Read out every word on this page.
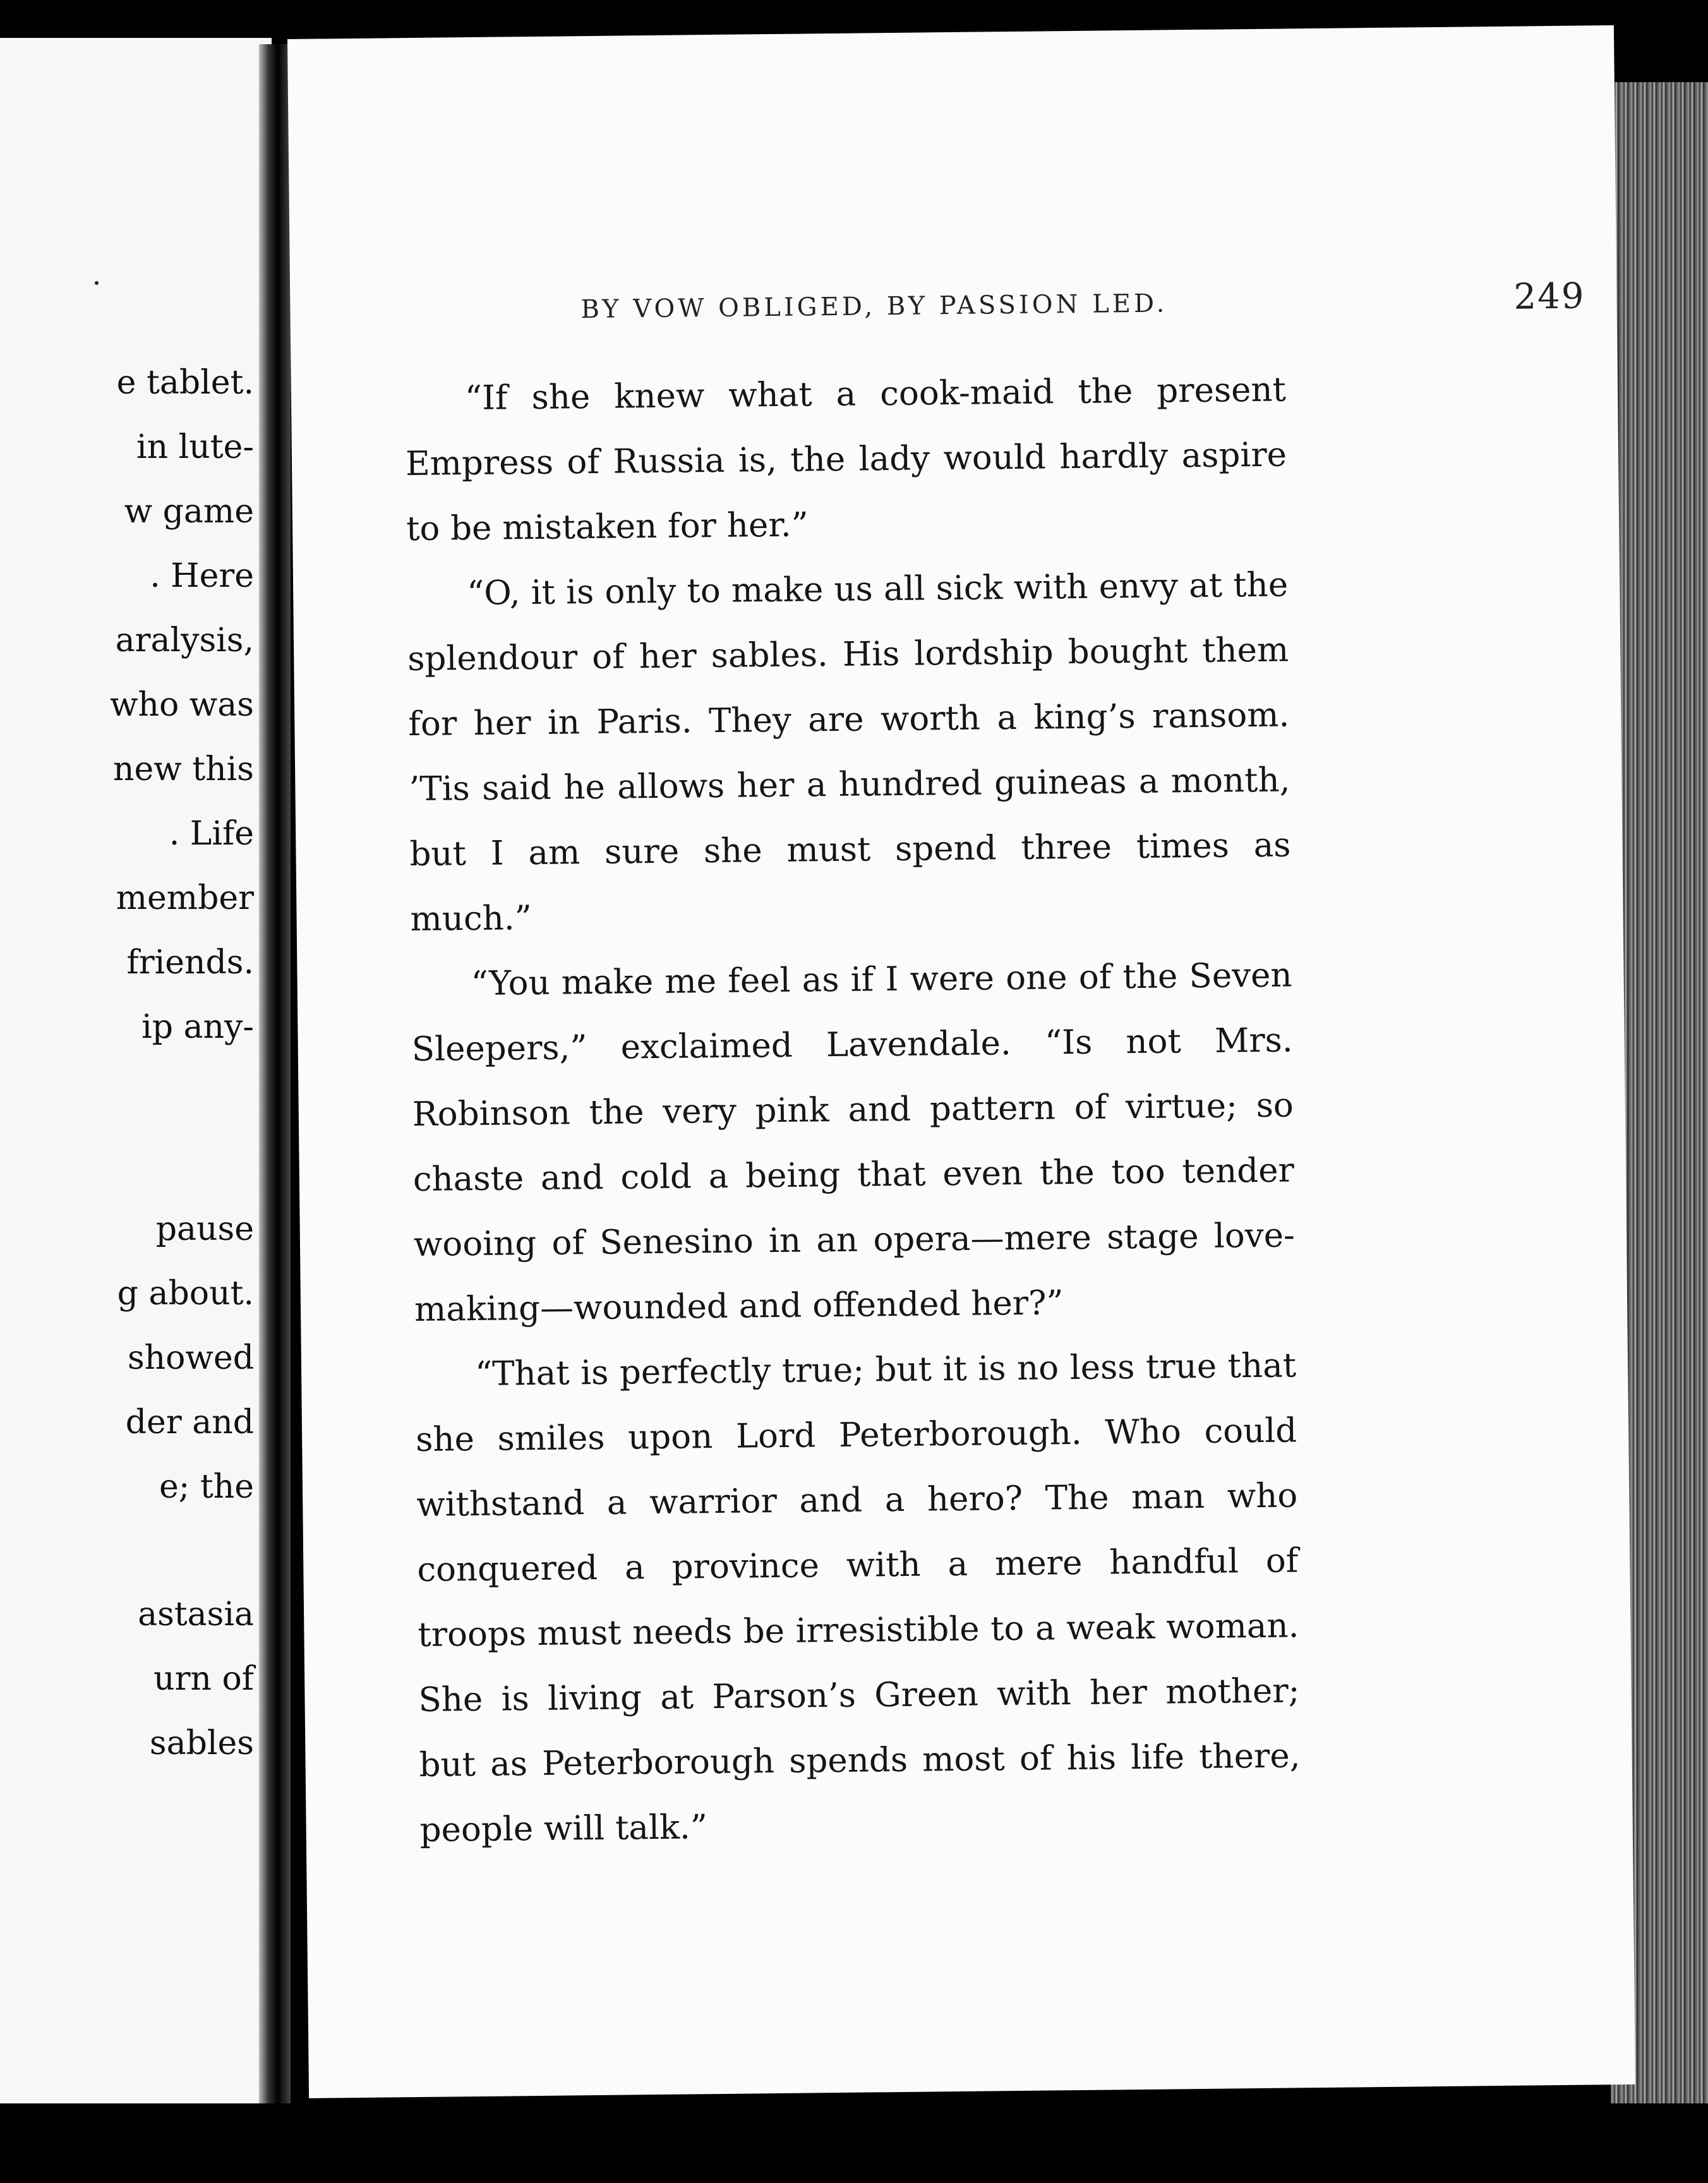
e tablet.

in lute-

w game

. Here

aralysis,

who was

new this

. Life

member

friends.

ip any-

pause

g about.

showed

der and

e; the

astasia

urn of

sables

BY VOW OBLIGED, BY PASSION LED.	249

“If she knew what a cook-maid the present Empress of Russia is, the lady would hardly aspire to be mistaken for her.”

“O, it is only to make us all sick with envy at the splendour of her sables. His lordship bought them for her in Paris. They are worth a king’s ransom. ’Tis said he allows her a hundred guineas a month, but I am sure she must spend three times as much.”

“You make me feel as if I were one of the Seven Sleepers,” exclaimed Lavendale. “Is not Mrs. Robinson the very pink and pattern of virtue; so chaste and cold a being that even the too tender wooing of Senesino in an opera—mere stage love-making—wounded and offended her?”

“That is perfectly true; but it is no less true that she smiles upon Lord Peterborough. Who could withstand a warrior and a hero? The man who conquered a province with a mere handful of troops must needs be irresistible to a weak woman. She is living at Parson’s Green with her mother; but as Peterborough spends most of his life there, people will talk.”
